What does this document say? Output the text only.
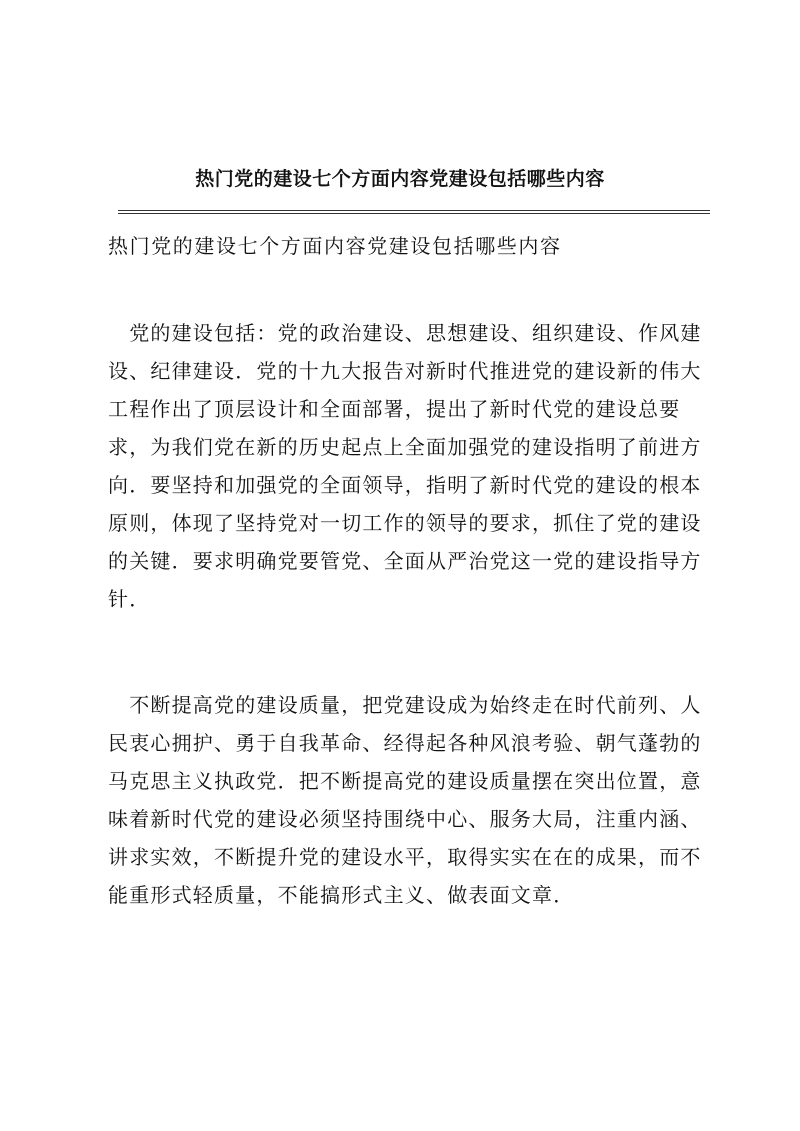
热门党的建设七个方面内容党建设包括哪些内容
热门党的建设七个方面内容党建设包括哪些内容
　党的建设包括：党的政治建设、思想建设、组织建设、作风建
设、纪律建设．党的十九大报告对新时代推进党的建设新的伟大
工程作出了顶层设计和全面部署，提出了新时代党的建设总要
求，为我们党在新的历史起点上全面加强党的建设指明了前进方
向．要坚持和加强党的全面领导，指明了新时代党的建设的根本
原则，体现了坚持党对一切工作的领导的要求，抓住了党的建设
的关键．要求明确党要管党、全面从严治党这一党的建设指导方
针．
　不断提高党的建设质量，把党建设成为始终走在时代前列、人
民衷心拥护、勇于自我革命、经得起各种风浪考验、朝气蓬勃的
马克思主义执政党．把不断提高党的建设质量摆在突出位置，意
味着新时代党的建设必须坚持围绕中心、服务大局，注重内涵、
讲求实效，不断提升党的建设水平，取得实实在在的成果，而不
能重形式轻质量，不能搞形式主义、做表面文章．
